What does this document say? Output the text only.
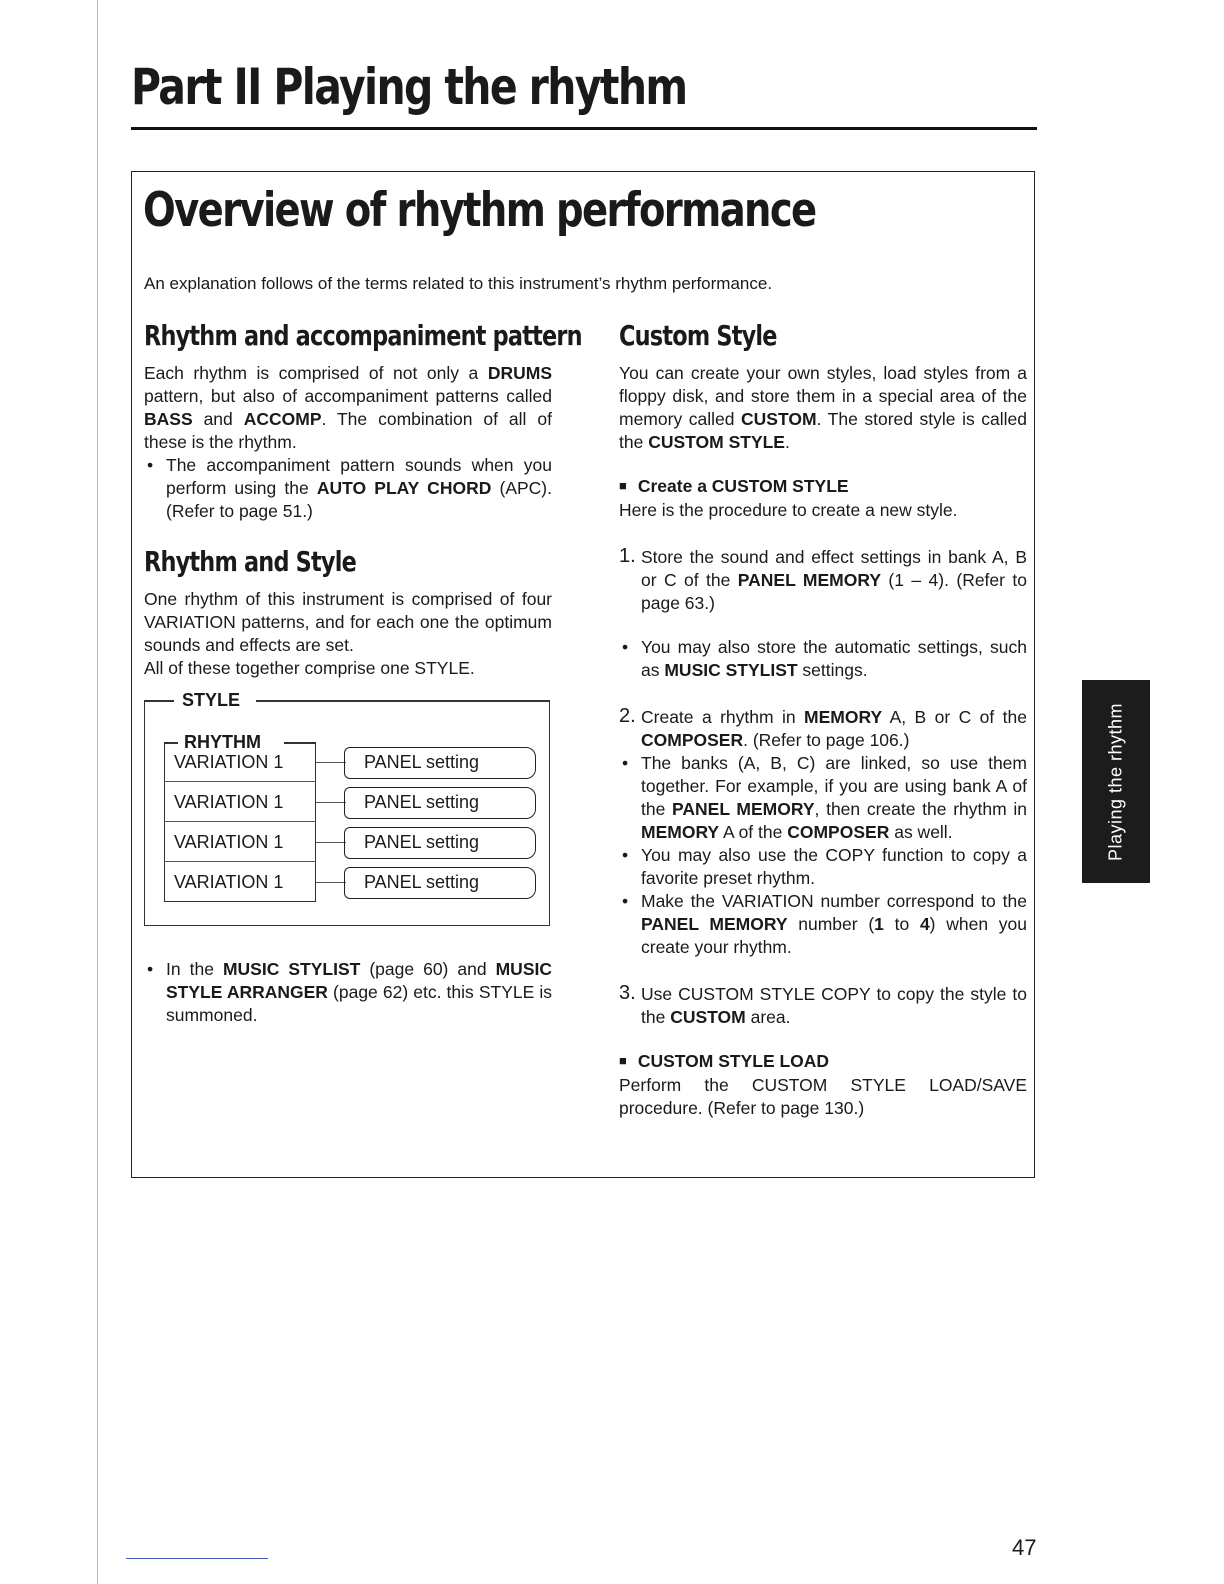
Part II Playing the rhythm
Overview of rhythm performance

An explanation follows of the terms related to this instrument’s rhythm performance.

Rhythm and accompaniment pattern

Each rhythm is comprised of not only a DRUMS pattern, but also of accompaniment patterns called BASS and ACCOMP. The combination of all of these is the rhythm.

• The accompaniment pattern sounds when you perform using the AUTO PLAY CHORD (APC). (Refer to page 51.)

Rhythm and Style

One rhythm of this instrument is comprised of four VARIATION patterns, and for each one the optimum sounds and effects are set.

All of these together comprise one STYLE.

STYLE
RHYTHM
VARIATION 1	PANEL setting
VARIATION 1	PANEL setting
VARIATION 1	PANEL setting
VARIATION 1	PANEL setting

• In the MUSIC STYLIST (page 60) and MUSIC STYLE ARRANGER (page 62) etc. this STYLE is summoned.

Custom Style

You can create your own styles, load styles from a floppy disk, and store them in a special area of the memory called CUSTOM. The stored style is called the CUSTOM STYLE.

■ Create a CUSTOM STYLE

Here is the procedure to create a new style.

1. Store the sound and effect settings in bank A, B or C of the PANEL MEMORY (1 – 4). (Refer to page 63.)

• You may also store the automatic settings, such as MUSIC STYLIST settings.

2. Create a rhythm in MEMORY A, B or C of the COMPOSER. (Refer to page 106.)

• The banks (A, B, C) are linked, so use them together. For example, if you are using bank A of the PANEL MEMORY, then create the rhythm in MEMORY A of the COMPOSER as well.

• You may also use the COPY function to copy a favorite preset rhythm.

• Make the VARIATION number correspond to the PANEL MEMORY number (1 to 4) when you create your rhythm.

3. Use CUSTOM STYLE COPY to copy the style to the CUSTOM area.

■ CUSTOM STYLE LOAD

Perform the CUSTOM STYLE LOAD/SAVE procedure. (Refer to page 130.)

Playing the rhythm
47
